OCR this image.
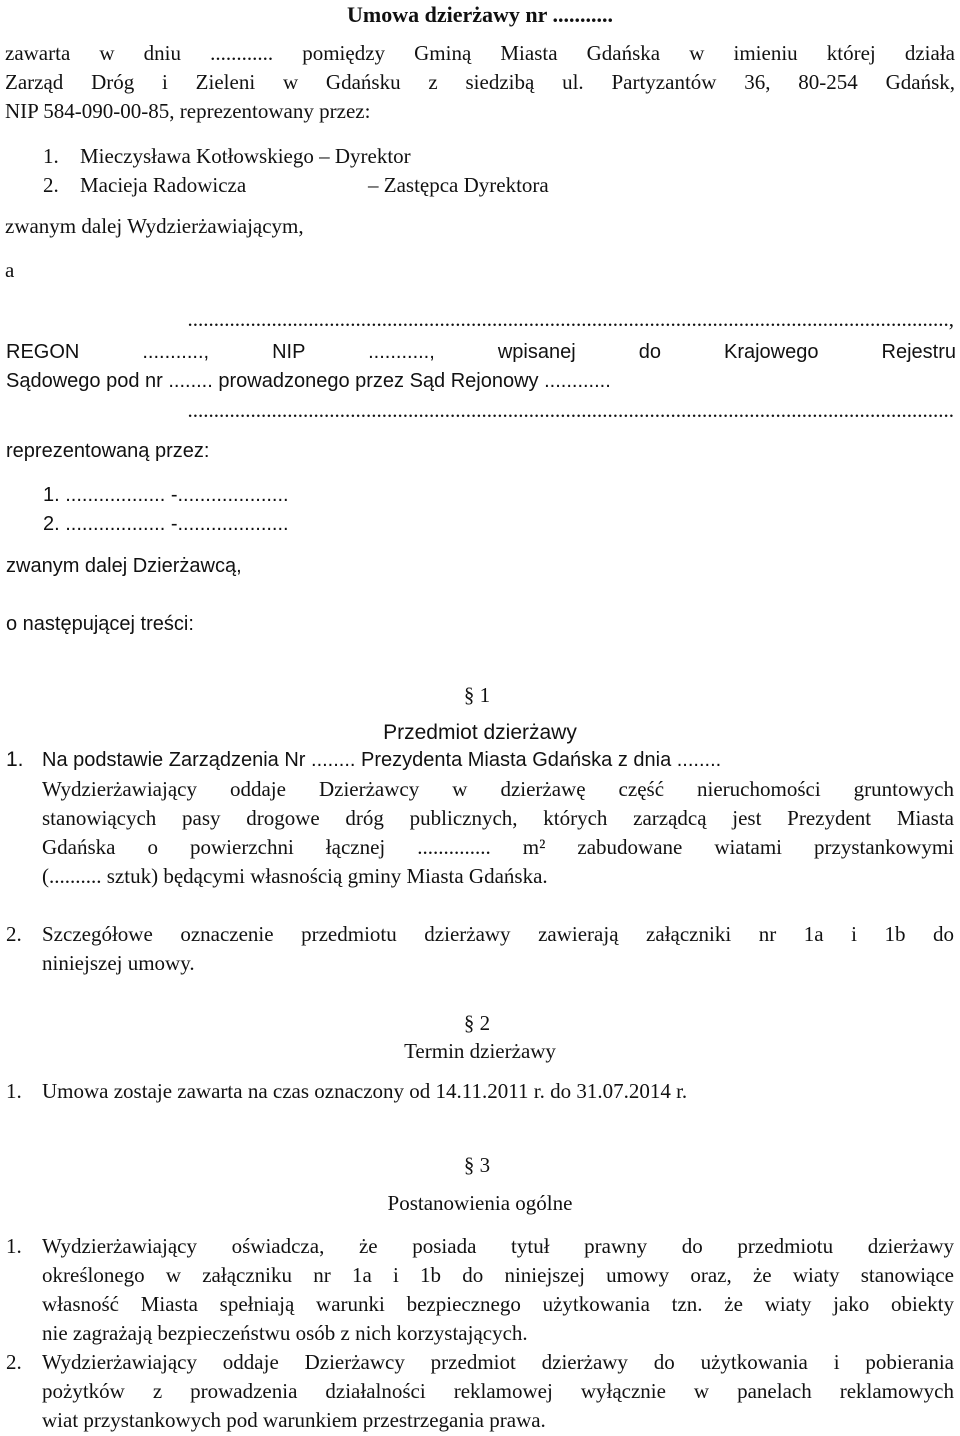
Umowa dzierżawy nr ...........
zawarta w dniu ............ pomiędzy Gminą Miasta Gdańska w imieniu której działa
Zarząd Dróg i Zieleni w Gdańsku z siedzibą ul. Partyzantów 36, 80-254 Gdańsk,
NIP 584-090-00-85, reprezentowany przez:
1. Mieczysława Kotłowskiego – Dyrektor
2. Macieja Radowicza	– Zastępca Dyrektora
zwanym dalej Wydzierżawiającym,
a
.................................................................................................................................................,
REGON ..........., NIP ..........., wpisanej do Krajowego Rejestru
Sądowego pod nr ........ prowadzonego przez Sąd Rejonowy ............
..................................................................................................................................................
reprezentowaną przez:
1. .................. -....................
2. .................. -....................
zwanym dalej Dzierżawcą,
o następującej treści:
§ 1
Przedmiot dzierżawy
1. Na podstawie Zarządzenia Nr ........ Prezydenta Miasta Gdańska z dnia ........
Wydzierżawiający oddaje Dzierżawcy w dzierżawę część nieruchomości gruntowych
stanowiących pasy drogowe dróg publicznych, których zarządcą jest Prezydent Miasta
Gdańska o powierzchni łącznej .............. m² zabudowane wiatami przystankowymi
(.......... sztuk) będącymi własnością gminy Miasta Gdańska.
2. Szczegółowe oznaczenie przedmiotu dzierżawy zawierają załączniki nr 1a i 1b do
niniejszej umowy.
§ 2
Termin dzierżawy
1. Umowa zostaje zawarta na czas oznaczony od 14.11.2011 r. do 31.07.2014 r.
§ 3
Postanowienia ogólne
1. Wydzierżawiający oświadcza, że posiada tytuł prawny do przedmiotu dzierżawy
określonego w załączniku nr 1a i 1b do niniejszej umowy oraz, że wiaty stanowiące
własność Miasta spełniają warunki bezpiecznego użytkowania tzn. że wiaty jako obiekty
nie zagrażają bezpieczeństwu osób z nich korzystających.
2. Wydzierżawiający oddaje Dzierżawcy przedmiot dzierżawy do użytkowania i pobierania
pożytków z prowadzenia działalności reklamowej wyłącznie w panelach reklamowych
wiat przystankowych pod warunkiem przestrzegania prawa.
